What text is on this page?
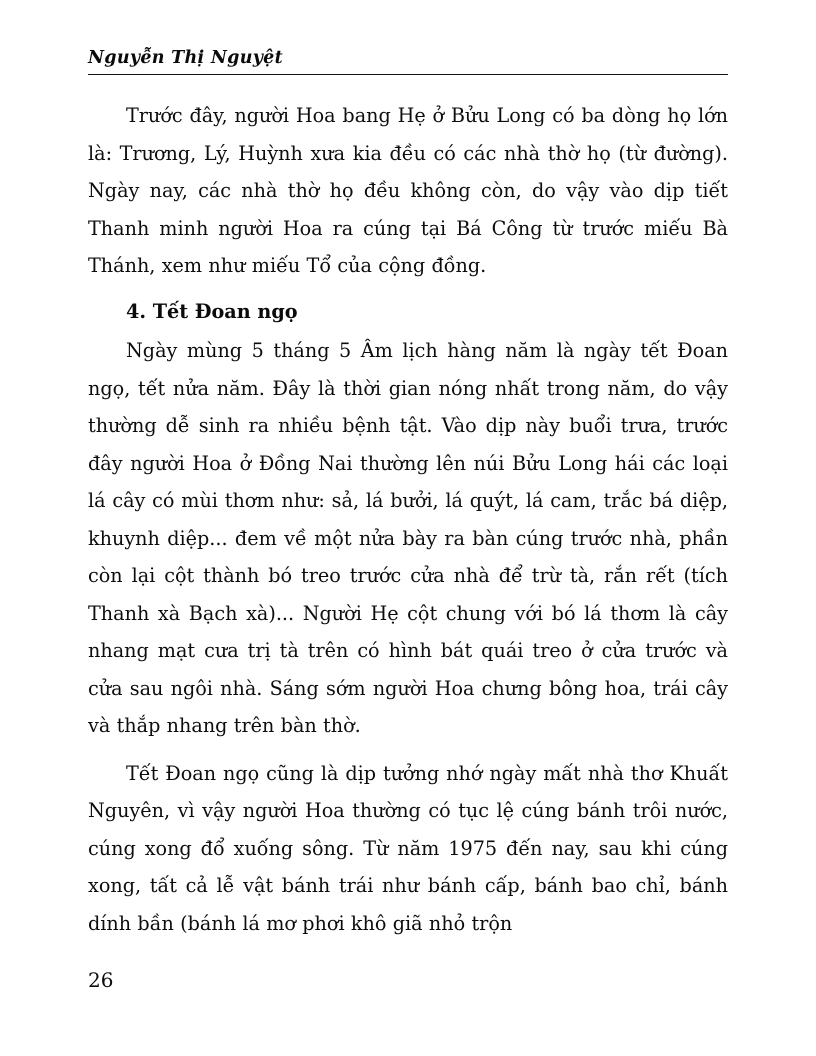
Nguyễn Thị Nguyệt

Trước đây, người Hoa bang Hẹ ở Bửu Long có ba dòng họ lớn là: Trương, Lý, Huỳnh xưa kia đều có các nhà thờ họ (từ đường). Ngày nay, các nhà thờ họ đều không còn, do vậy vào dịp tiết Thanh minh người Hoa ra cúng tại Bá Công từ trước miếu Bà Thánh, xem như miếu Tổ của cộng đồng.

4. Tết Đoan ngọ

Ngày mùng 5 tháng 5 Âm lịch hàng năm là ngày tết Đoan ngọ, tết nửa năm. Đây là thời gian nóng nhất trong năm, do vậy thường dễ sinh ra nhiều bệnh tật. Vào dịp này buổi trưa, trước đây người Hoa ở Đồng Nai thường lên núi Bửu Long hái các loại lá cây có mùi thơm như: sả, lá bưởi, lá quýt, lá cam, trắc bá diệp, khuynh diệp... đem về một nửa bày ra bàn cúng trước nhà, phần còn lại cột thành bó treo trước cửa nhà để trừ tà, rắn rết (tích Thanh xà Bạch xà)... Người Hẹ cột chung với bó lá thơm là cây nhang mạt cưa trị tà trên có hình bát quái treo ở cửa trước và cửa sau ngôi nhà. Sáng sớm người Hoa chưng bông hoa, trái cây và thắp nhang trên bàn thờ.

Tết Đoan ngọ cũng là dịp tưởng nhớ ngày mất nhà thơ Khuất Nguyên, vì vậy người Hoa thường có tục lệ cúng bánh trôi nước, cúng xong đổ xuống sông. Từ năm 1975 đến nay, sau khi cúng xong, tất cả lễ vật bánh trái như bánh cấp, bánh bao chỉ, bánh dính bần (bánh lá mơ phơi khô giã nhỏ trộn

26
